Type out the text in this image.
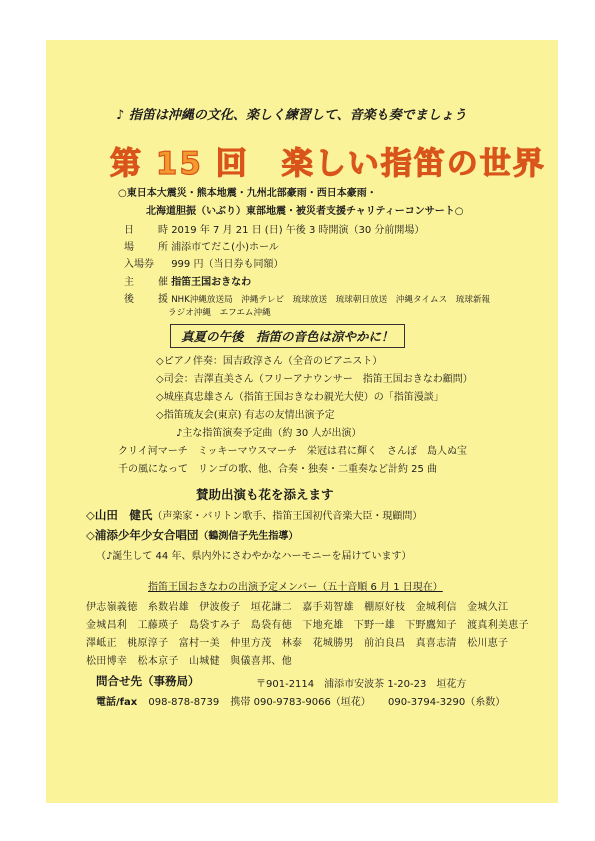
♪ 指笛は沖縄の文化、楽しく練習して、音楽も奏でましょう
第 15 回　楽しい指笛の世界
○東日本大震災・熊本地震・九州北部豪雨・西日本豪雨・
北海道胆振（いぶり）東部地震・被災者支援チャリティーコンサート○
日　時 2019 年 7 月 21 日 (日) 午後 3 時開演（30 分前開場）
場　所 浦添市てだこ(小)ホール
入場券 999 円（当日券も同額）
主　催 指笛王国おきなわ
後　援 NHK沖縄放送局　沖縄テレビ　琉球放送　琉球朝日放送　沖縄タイムス　琉球新報
ラジオ沖縄　エフエム沖縄
真夏の午後　指笛の音色は涼やかに！
◇ピアノ伴奏：国吉政淳さん（全音のピアニスト）
◇司会：吉澤直美さん（フリーアナウンサー　指笛王国おきなわ顧問）
◇城座真忠雄さん（指笛王国おきなわ親光大使）の「指笛漫談」
◇指笛琉友会(東京) 有志の友情出演予定
♪主な指笛演奏予定曲（約 30 人が出演）
クリイ河マーチ　ミッキーマウスマーチ　栄冠は君に輝く　さんぽ　島人ぬ宝
千の風になって　リンゴの歌、他、合奏・独奏・二重奏など計約 25 曲
賛助出演も花を添えます
◇山田　健氏（声楽家・バリトン歌手、指笛王国初代音楽大臣・現顧問）
◇浦添少年少女合唱団（鶴渕信子先生指導）
（♪誕生して 44 年、県内外にさわやかなハーモニーを届けています）
指笛王国おきなわの出演予定メンバー（五十音順 6 月 1 日現在）
伊志嶺義徳　糸数岩雄　伊波俊子　垣花謙二　嘉手苅智雄　棚原好枝　金城利信　金城久江
金城昌利　工藤瑛子　島袋すみ子　島袋有徳　下地充雄　下野一雄　下野鷹知子　渡真利美恵子
澤岻正　桃原淳子　富村一美　仲里方茂　林泰　花城勝男　前泊良昌　真喜志清　松川恵子
松田博幸　松本京子　山城健　與儀喜邦、他
問合せ先（事務局）	〒901-2114　浦添市安波茶 1-20-23　垣花方
電話/fax 098-878-8739 携帯 090-9783-9066（垣花） 090-3794-3290（糸数）
